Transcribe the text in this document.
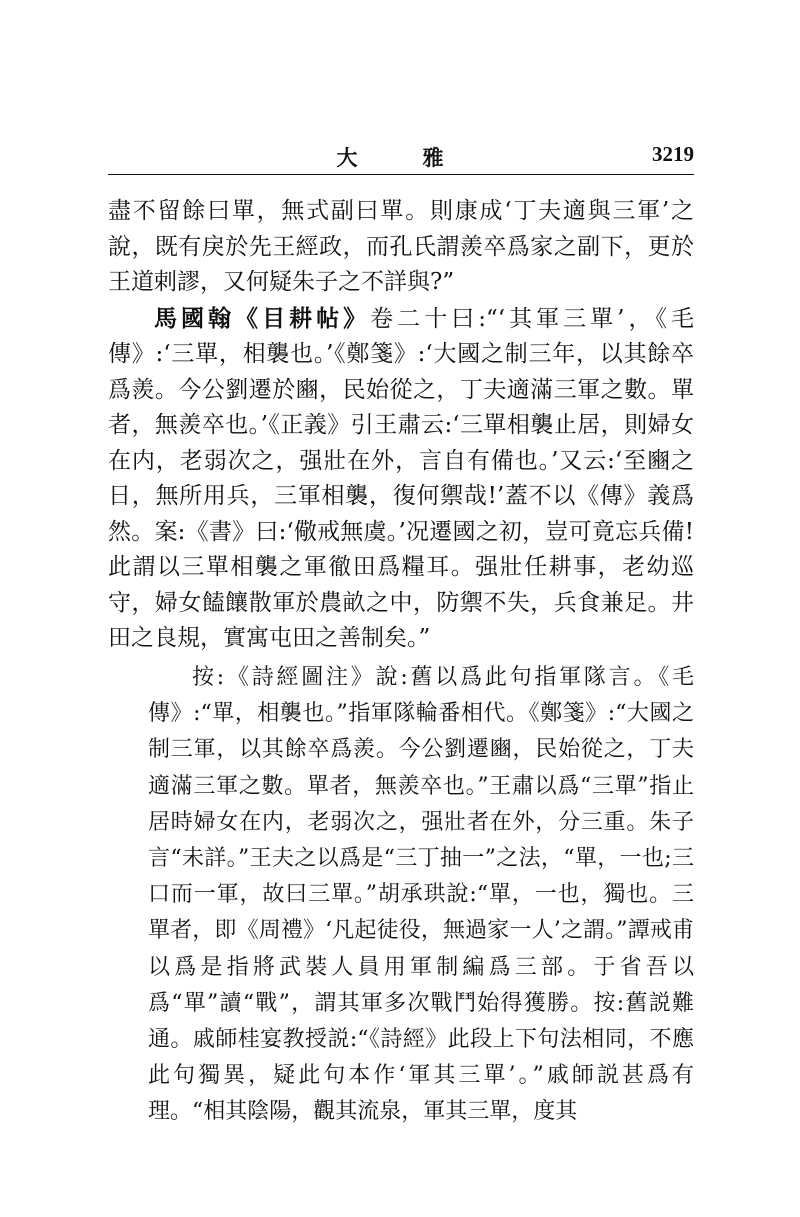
大　雅	3219

盡不留餘曰單，無式副曰單。則康成‘丁夫適與三軍’之說，既有戾於先王經政，而孔氏謂羨卒爲家之副下，更於王道剌謬，又何疑朱子之不詳與?”

馬國翰《目耕帖》卷二十曰:“‘其軍三單’，《毛傳》:‘三單，相襲也。’《鄭箋》:‘大國之制三年，以其餘卒爲羨。今公劉遷於豳，民始從之，丁夫適滿三軍之數。單者，無羨卒也。’《正義》引王肅云:‘三單相襲止居，則婦女在内，老弱次之，强壯在外，言自有備也。’又云:‘至豳之日，無所用兵，三軍相襲，復何禦哉!’蓋不以《傳》義爲然。案:《書》曰:‘儆戒無虞。’况遷國之初，豈可竟忘兵備!此謂以三單相襲之軍徹田爲糧耳。强壯任耕事，老幼巡守，婦女饁饟散軍於農畝之中，防禦不失，兵食兼足。井田之良規，實寓屯田之善制矣。”

按:《詩經圖注》說:舊以爲此句指軍隊言。《毛傳》:“單，相襲也。”指軍隊輪番相代。《鄭箋》:“大國之制三軍，以其餘卒爲羨。今公劉遷豳，民始從之，丁夫適滿三軍之數。單者，無羨卒也。”王肅以爲“三單”指止居時婦女在内，老弱次之，强壯者在外，分三重。朱子言“未詳。”王夫之以爲是“三丁抽一”之法，“單，一也;三口而一軍，故曰三單。”胡承珙說:“單，一也，獨也。三單者，即《周禮》‘凡起徒役，無過家一人’之謂。”譚戒甫以爲是指將武裝人員用軍制編爲三部。于省吾以爲“單”讀“戰”，謂其軍多次戰鬥始得獲勝。按:舊説難通。戚師桂宴教授説:“《詩經》此段上下句法相同，不應此句獨異，疑此句本作‘軍其三單’。”戚師説甚爲有理。“相其陰陽，觀其流泉，軍其三單，度其
